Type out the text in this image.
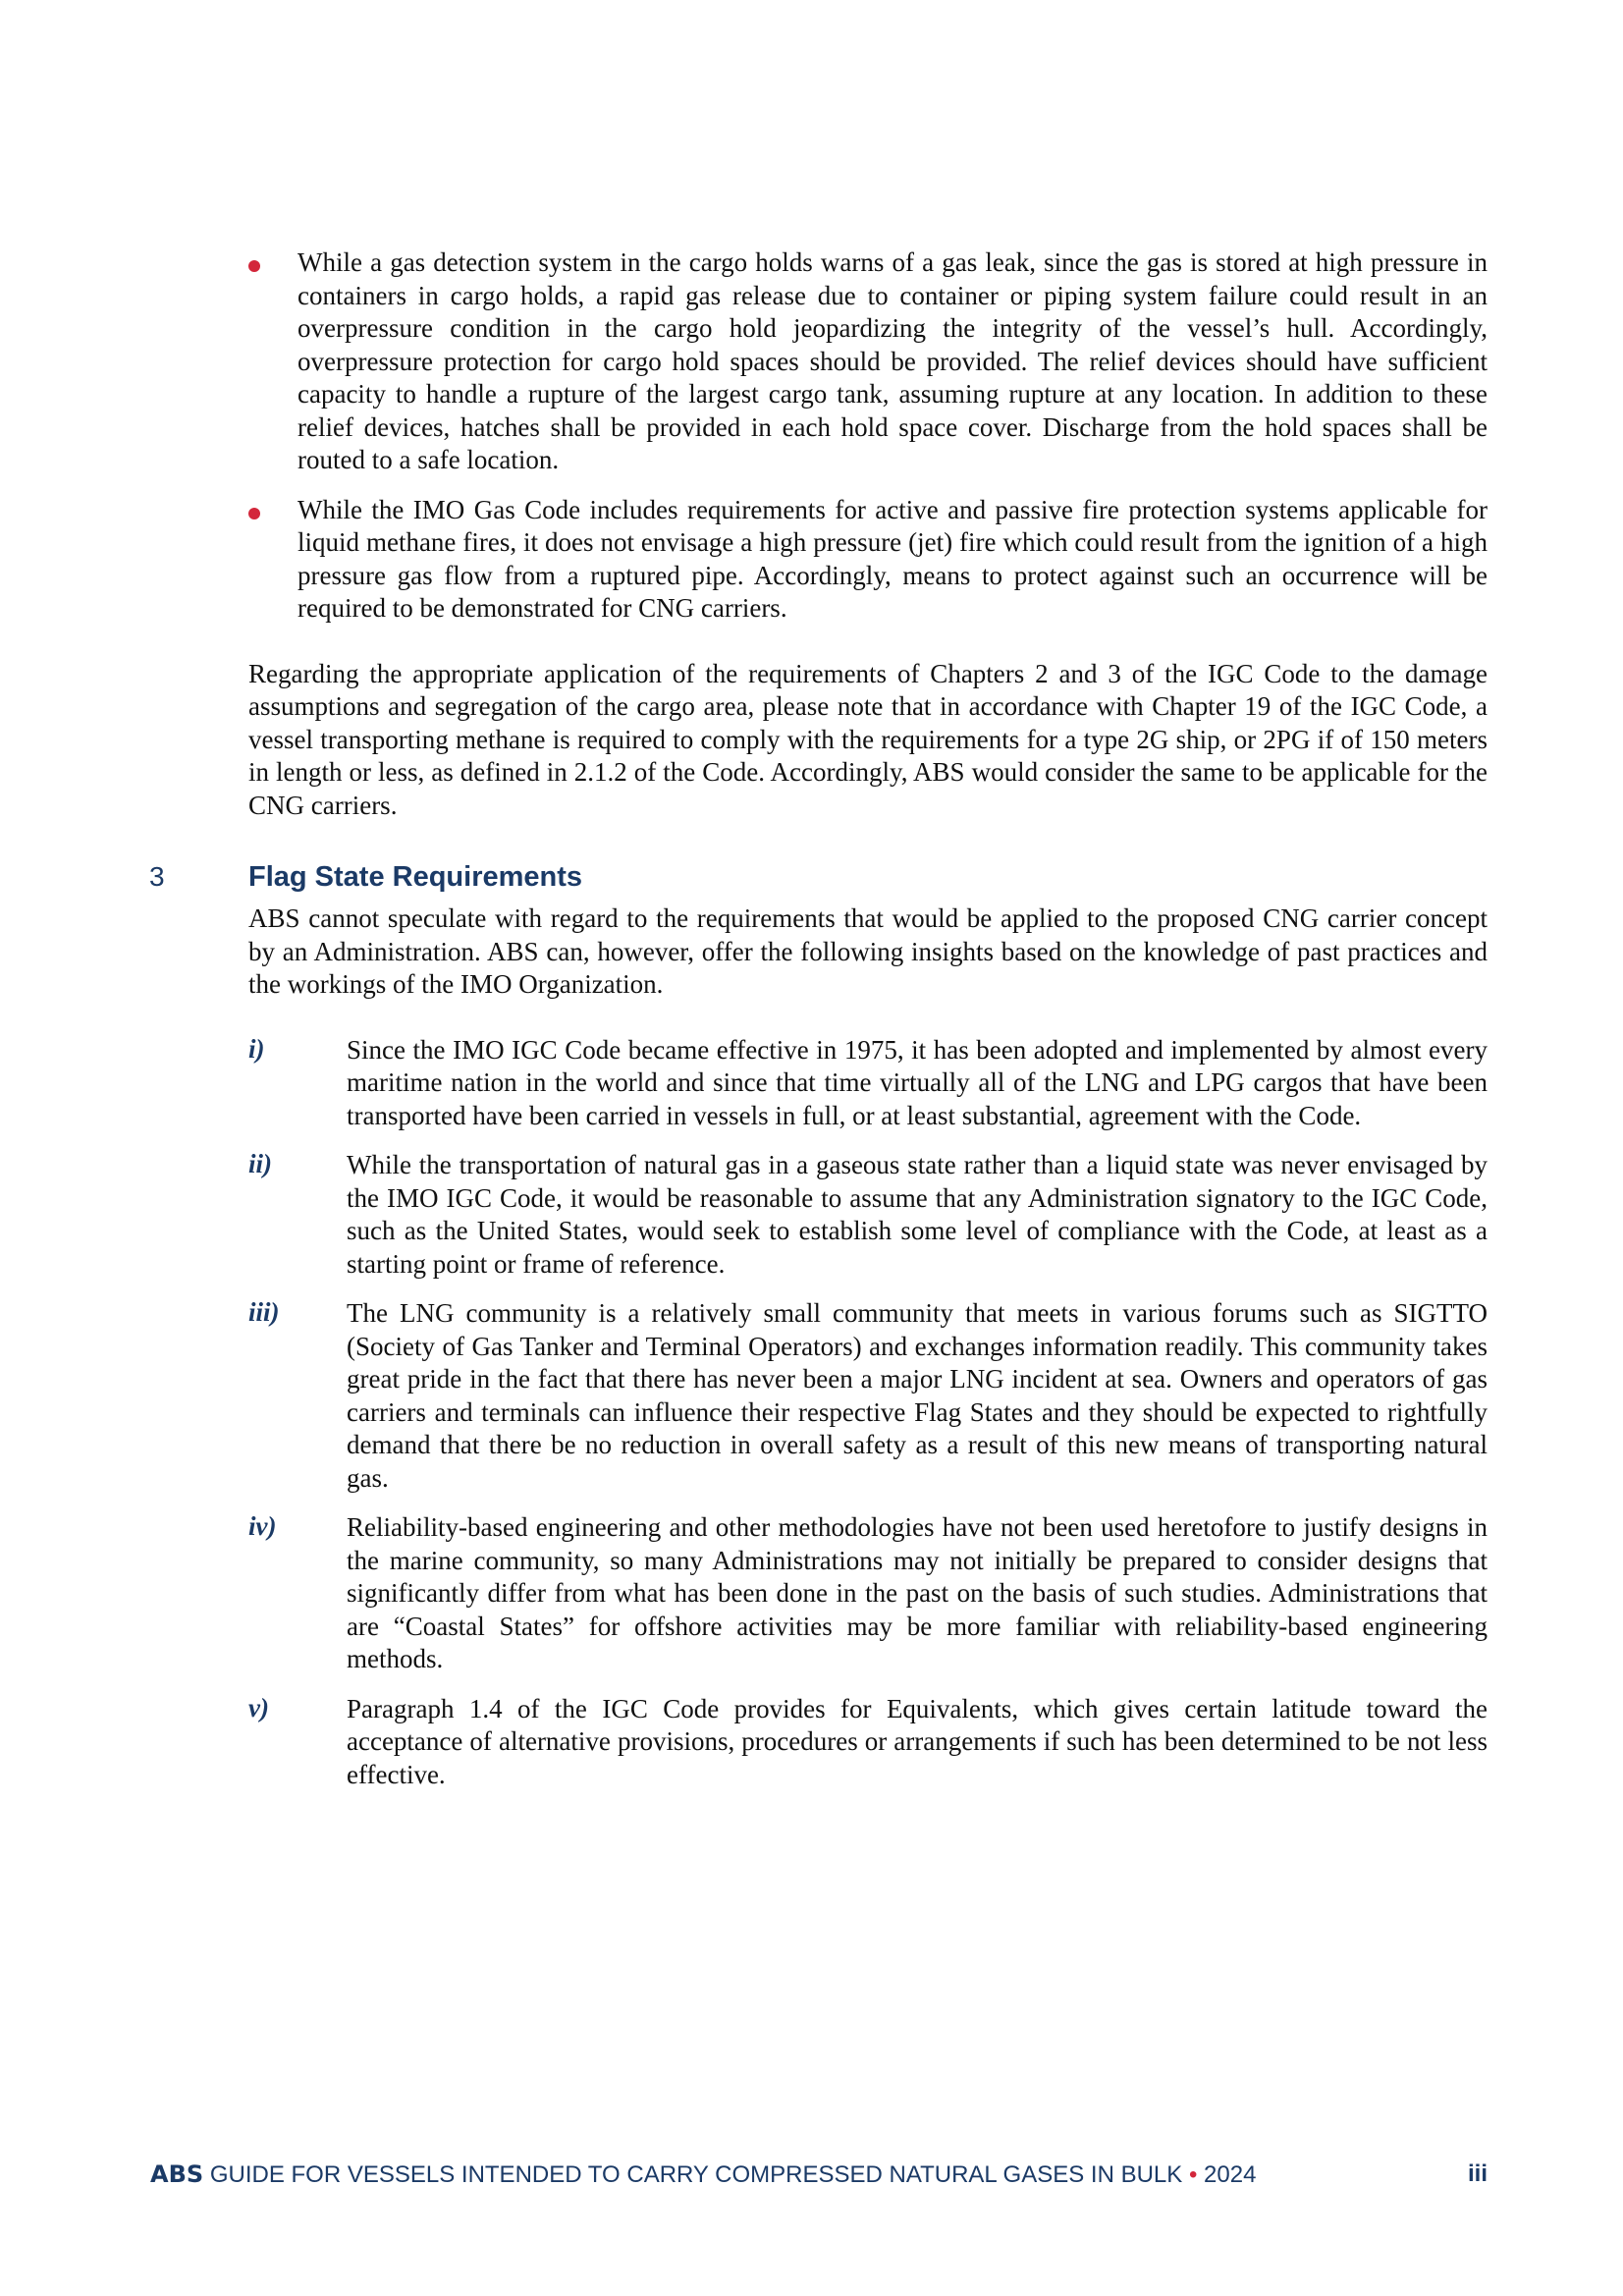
While a gas detection system in the cargo holds warns of a gas leak, since the gas is stored at high pressure in containers in cargo holds, a rapid gas release due to container or piping system failure could result in an overpressure condition in the cargo hold jeopardizing the integrity of the vessel’s hull. Accordingly, overpressure protection for cargo hold spaces should be provided. The relief devices should have sufficient capacity to handle a rupture of the largest cargo tank, assuming rupture at any location. In addition to these relief devices, hatches shall be provided in each hold space cover. Discharge from the hold spaces shall be routed to a safe location.

While the IMO Gas Code includes requirements for active and passive fire protection systems applicable for liquid methane fires, it does not envisage a high pressure (jet) fire which could result from the ignition of a high pressure gas flow from a ruptured pipe. Accordingly, means to protect against such an occurrence will be required to be demonstrated for CNG carriers.

Regarding the appropriate application of the requirements of Chapters 2 and 3 of the IGC Code to the damage assumptions and segregation of the cargo area, please note that in accordance with Chapter 19 of the IGC Code, a vessel transporting methane is required to comply with the requirements for a type 2G ship, or 2PG if of 150 meters in length or less, as defined in 2.1.2 of the Code. Accordingly, ABS would consider the same to be applicable for the CNG carriers.

3	Flag State Requirements

ABS cannot speculate with regard to the requirements that would be applied to the proposed CNG carrier concept by an Administration. ABS can, however, offer the following insights based on the knowledge of past practices and the workings of the IMO Organization.

i)	Since the IMO IGC Code became effective in 1975, it has been adopted and implemented by almost every maritime nation in the world and since that time virtually all of the LNG and LPG cargos that have been transported have been carried in vessels in full, or at least substantial, agreement with the Code.

ii)	While the transportation of natural gas in a gaseous state rather than a liquid state was never envisaged by the IMO IGC Code, it would be reasonable to assume that any Administration signatory to the IGC Code, such as the United States, would seek to establish some level of compliance with the Code, at least as a starting point or frame of reference.

iii)	The LNG community is a relatively small community that meets in various forums such as SIGTTO (Society of Gas Tanker and Terminal Operators) and exchanges information readily. This community takes great pride in the fact that there has never been a major LNG incident at sea. Owners and operators of gas carriers and terminals can influence their respective Flag States and they should be expected to rightfully demand that there be no reduction in overall safety as a result of this new means of transporting natural gas.

iv)	Reliability-based engineering and other methodologies have not been used heretofore to justify designs in the marine community, so many Administrations may not initially be prepared to consider designs that significantly differ from what has been done in the past on the basis of such studies. Administrations that are “Coastal States” for offshore activities may be more familiar with reliability-based engineering methods.

v)	Paragraph 1.4 of the IGC Code provides for Equivalents, which gives certain latitude toward the acceptance of alternative provisions, procedures or arrangements if such has been determined to be not less effective.

ABS GUIDE FOR VESSELS INTENDED TO CARRY COMPRESSED NATURAL GASES IN BULK • 2024	iii
